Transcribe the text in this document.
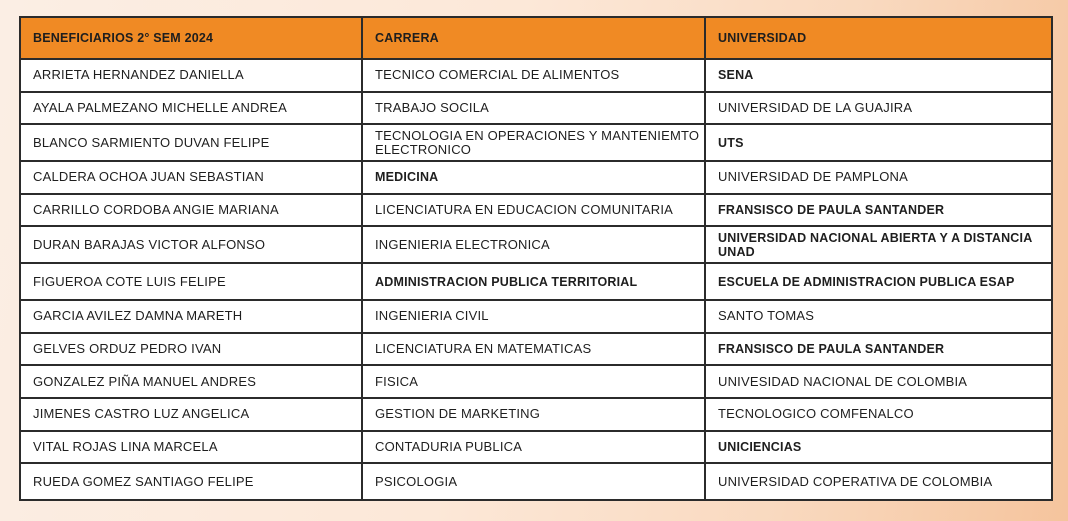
BENEFICIARIOS 2° SEM 2024	CARRERA	UNIVERSIDAD
ARRIETA HERNANDEZ DANIELLA	TECNICO COMERCIAL DE ALIMENTOS	SENA
AYALA PALMEZANO MICHELLE ANDREA	TRABAJO SOCILA	UNIVERSIDAD DE LA GUAJIRA
BLANCO SARMIENTO DUVAN FELIPE	TECNOLOGIA EN OPERACIONES Y MANTENIEMTO ELECTRONICO	UTS
CALDERA OCHOA JUAN SEBASTIAN	MEDICINA	UNIVERSIDAD DE PAMPLONA
CARRILLO CORDOBA ANGIE MARIANA	LICENCIATURA EN EDUCACION COMUNITARIA	FRANSISCO DE PAULA SANTANDER
DURAN BARAJAS VICTOR ALFONSO	INGENIERIA ELECTRONICA	UNIVERSIDAD NACIONAL ABIERTA Y A DISTANCIA UNAD
FIGUEROA COTE LUIS FELIPE	ADMINISTRACION PUBLICA TERRITORIAL	ESCUELA DE ADMINISTRACION PUBLICA ESAP
GARCIA AVILEZ DAMNA MARETH	INGENIERIA CIVIL	SANTO TOMAS
GELVES ORDUZ PEDRO IVAN	LICENCIATURA EN MATEMATICAS	FRANSISCO DE PAULA SANTANDER
GONZALEZ PIÑA MANUEL ANDRES	FISICA	UNIVESIDAD NACIONAL DE COLOMBIA
JIMENES CASTRO LUZ ANGELICA	GESTION DE MARKETING	TECNOLOGICO COMFENALCO
VITAL ROJAS LINA MARCELA	CONTADURIA PUBLICA	UNICIENCIAS
RUEDA GOMEZ SANTIAGO FELIPE	PSICOLOGIA	UNIVERSIDAD COPERATIVA DE COLOMBIA
